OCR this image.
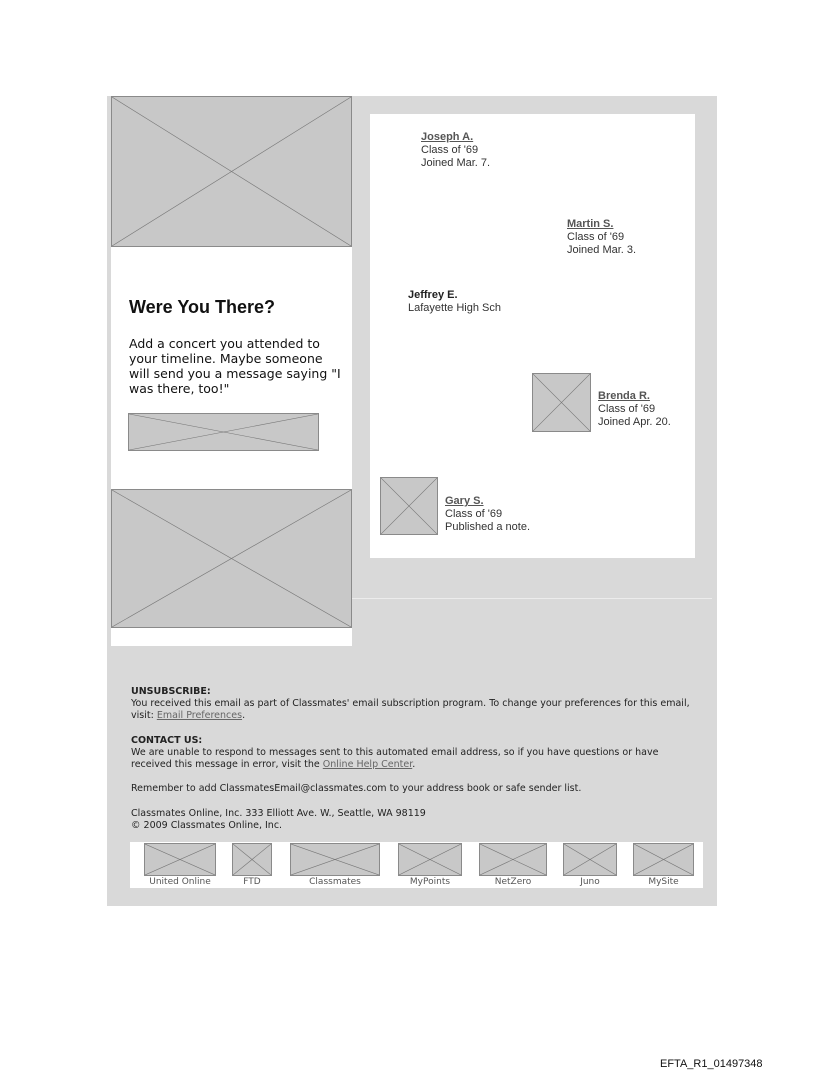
Were You There?

Add a concert you attended to your timeline. Maybe someone will send you a message saying "I was there, too!"

Joseph A.
Class of '69
Joined Mar. 7.
Martin S.
Class of '69
Joined Mar. 3.
Jeffrey E.
Lafayette High Sch
Brenda R.
Class of '69
Joined Apr. 20.
Gary S.
Class of '69
Published a note.
UNSUBSCRIBE:
You received this email as part of Classmates' email subscription program. To change your preferences for this email, visit: Email Preferences.
CONTACT US:
We are unable to respond to messages sent to this automated email address, so if you have questions or have received this message in error, visit the Online Help Center.
Remember to add ClassmatesEmail@classmates.com to your address book or safe sender list.
Classmates Online, Inc. 333 Elliott Ave. W., Seattle, WA 98119
© 2009 Classmates Online, Inc.
United Online	FTD	Classmates	MyPoints	NetZero	Juno	MySite
EFTA_R1_01497348
